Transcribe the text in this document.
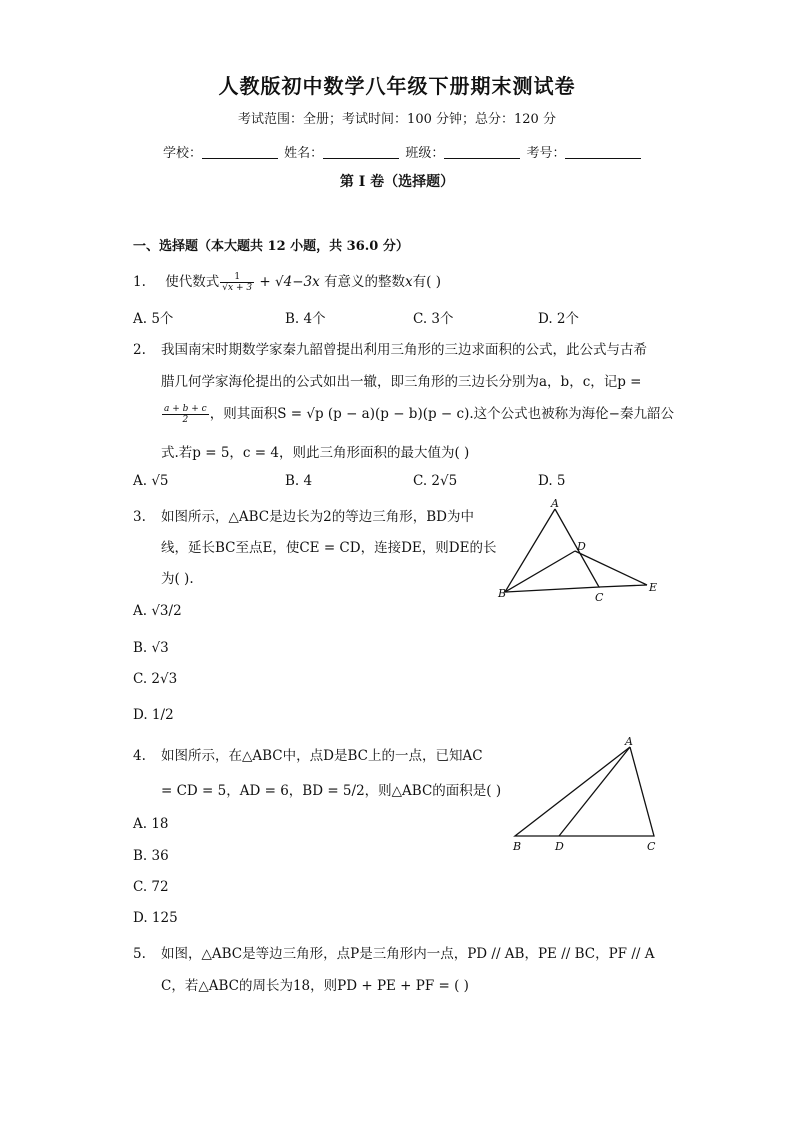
人教版初中数学八年级下册期末测试卷
考试范围：全册；考试时间：100 分钟；总分：120 分
学校：	姓名：	班级：	考号：
第 I 卷（选择题）
一、选择题（本大题共 12 小题，共 36.0 分）
1. 使代数式 $\frac{1}{√x + 3} + √4-3x$ 有意义的整数x有( )
A. 5个	B. 4个	C. 3个	D. 2个
2. 我国南宋时期数学家秦九韶曾提出利用三角形的三边求面积的公式，此公式与古希
腊几何学家海伦提出的公式如出一辙，即三角形的三边长分别为a，b，c，记p =
$\frac{a + b + c}{2}$ ，则其面积S = √p (p − a)(p − b)(p − c).这个公式也被称为海伦−秦九韶公
式.若p = 5，c = 4，则此三角形面积的最大值为( )
A. √5	B. 4	C. 2√5	D. 5
3. 如图所示，△ABC是边长为2的等边三角形，BD为中
线，延长BC至点E，使CE = CD，连接DE，则DE的长
为( ).
A. √3/2
B. √3
C. 2√3
D. 1/2
A
D
B	C
E
4. 如图所示，在△ABC中，点D是BC上的一点，已知AC
= CD = 5，AD = 6，BD = 5/2，则△ABC的面积是( )
A. 18
B. 36
C. 72
D. 125
A
B	D	C
5. 如图，△ABC是等边三角形，点P是三角形内一点，PD // AB，PE // BC，PF // A
C，若△ABC的周长为18，则PD + PE + PF = ( )
